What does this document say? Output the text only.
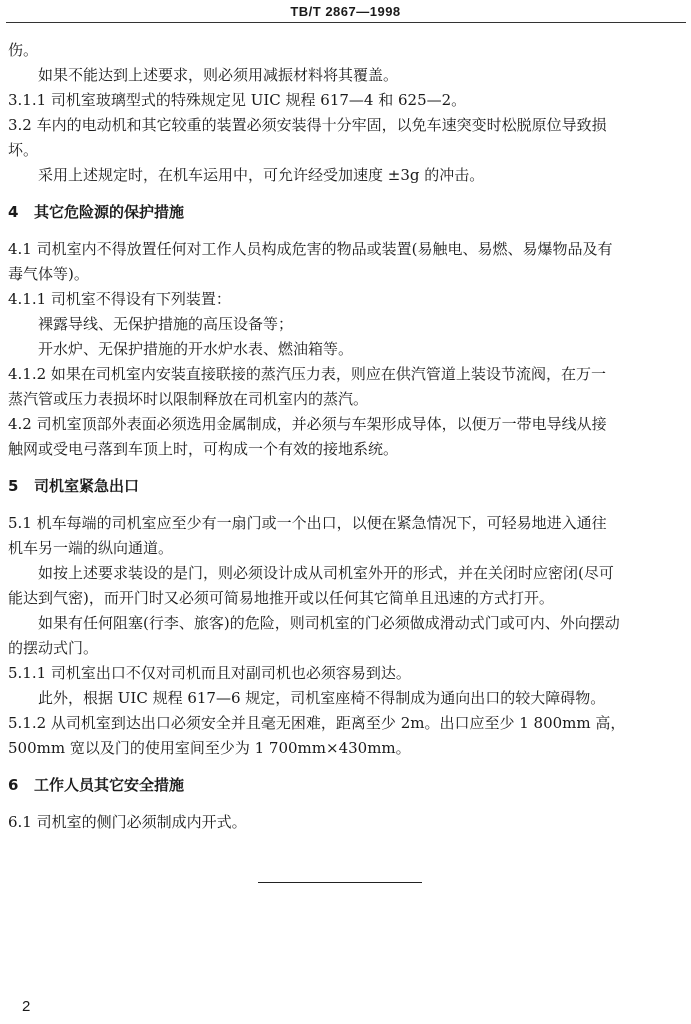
TB/T 2867—1998
伤。
如果不能达到上述要求，则必须用减振材料将其覆盖。
3.1.1 司机室玻璃型式的特殊规定见 UIC 规程 617—4 和 625—2。
3.2 车内的电动机和其它较重的装置必须安装得十分牢固，以免车速突变时松脱原位导致损
坏。
采用上述规定时，在机车运用中，可允许经受加速度 ±3g 的冲击。
4 其它危险源的保护措施
4.1 司机室内不得放置任何对工作人员构成危害的物品或装置(易触电、易燃、易爆物品及有
毒气体等)。
4.1.1 司机室不得设有下列装置：
裸露导线、无保护措施的高压设备等；
开水炉、无保护措施的开水炉水表、燃油箱等。
4.1.2 如果在司机室内安装直接联接的蒸汽压力表，则应在供汽管道上装设节流阀，在万一
蒸汽管或压力表损坏时以限制释放在司机室内的蒸汽。
4.2 司机室顶部外表面必须选用金属制成，并必须与车架形成导体，以便万一带电导线从接
触网或受电弓落到车顶上时，可构成一个有效的接地系统。
5 司机室紧急出口
5.1 机车每端的司机室应至少有一扇门或一个出口，以便在紧急情况下，可轻易地进入通往
机车另一端的纵向通道。
如按上述要求装设的是门，则必须设计成从司机室外开的形式，并在关闭时应密闭(尽可
能达到气密)，而开门时又必须可简易地推开或以任何其它简单且迅速的方式打开。
如果有任何阻塞(行李、旅客)的危险，则司机室的门必须做成滑动式门或可内、外向摆动
的摆动式门。
5.1.1 司机室出口不仅对司机而且对副司机也必须容易到达。
此外，根据 UIC 规程 617—6 规定，司机室座椅不得制成为通向出口的较大障碍物。
5.1.2 从司机室到达出口必须安全并且毫无困难，距离至少 2m。出口应至少 1 800mm 高，
500mm 宽以及门的使用室间至少为 1 700mm×430mm。
6 工作人员其它安全措施
6.1 司机室的侧门必须制成内开式。
2
